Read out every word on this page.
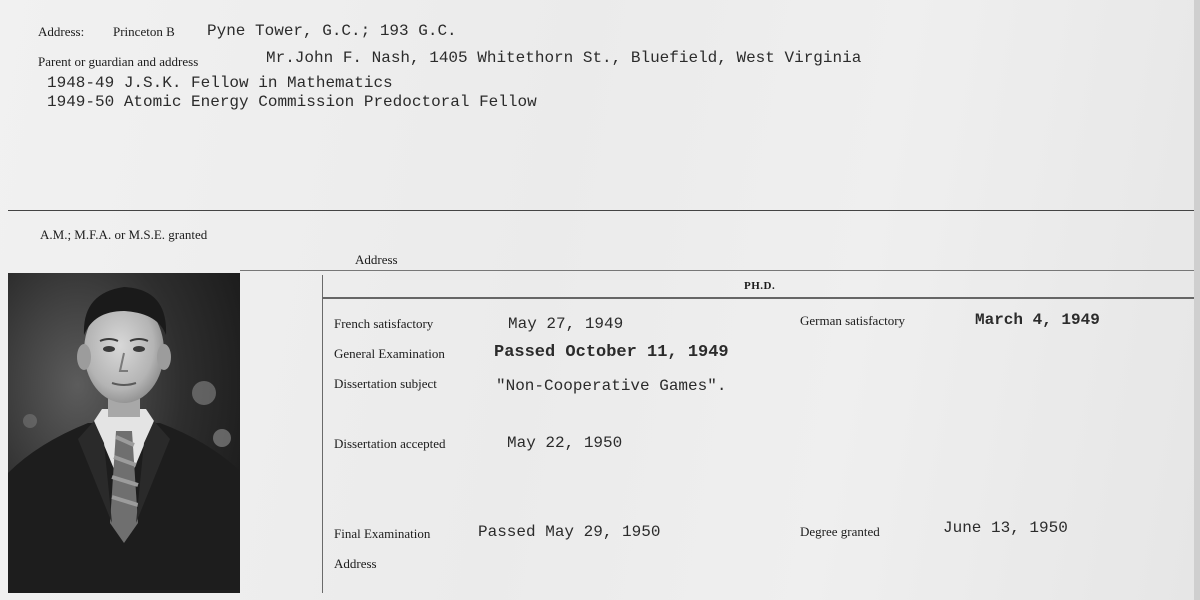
Address: Princeton B Pyne Tower, G.C.; 193 G.C.
Parent or guardian and address	Mr.John F. Nash, 1405 Whitethorn St., Bluefield, West Virginia
1948-49 J.S.K. Fellow in Mathematics
1949-50 Atomic Energy Commission Predoctoral Fellow
A.M.; M.F.A. or M.S.E. granted
Address
PH.D.
French satisfactory	May 27, 1949	German satisfactory	March 4, 1949
General Examination	Passed October 11, 1949
Dissertation subject	"Non-Cooperative Games".
Dissertation accepted	May 22, 1950
Final Examination	Passed May 29, 1950	Degree granted	June 13, 1950
Address
